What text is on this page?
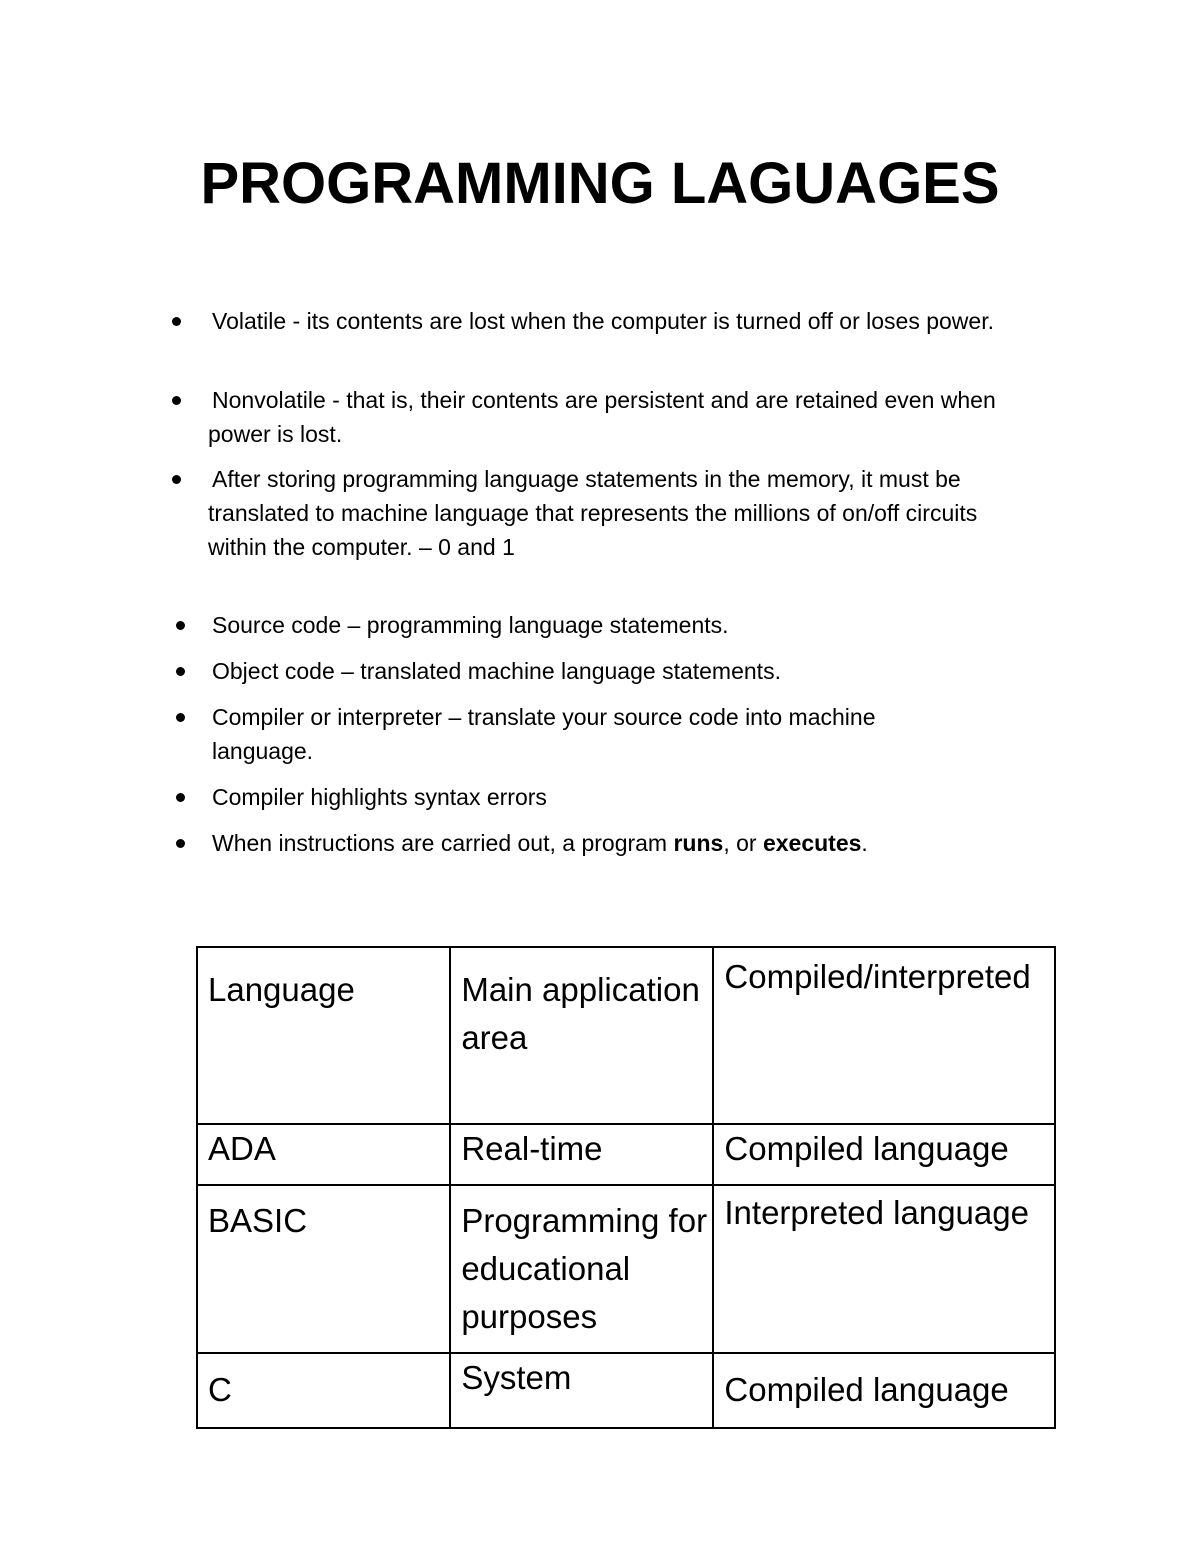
PROGRAMMING LAGUAGES
Volatile - its contents are lost when the computer is turned off or loses power.
Nonvolatile - that is, their contents are persistent and are retained even when power is lost.
After storing programming language statements in the memory, it must be translated to machine language that represents the millions of on/off circuits within the computer. – 0 and 1
Source code – programming language statements.
Object code – translated machine language statements.
Compiler or interpreter – translate your source code into machine language.
Compiler highlights syntax errors
When instructions are carried out, a program runs, or executes.
Language	Main application area	Compiled/interpreted

ADA	Real-time	Compiled language

BASIC	Programming for educational purposes	Interpreted language

C	System	Compiled language
